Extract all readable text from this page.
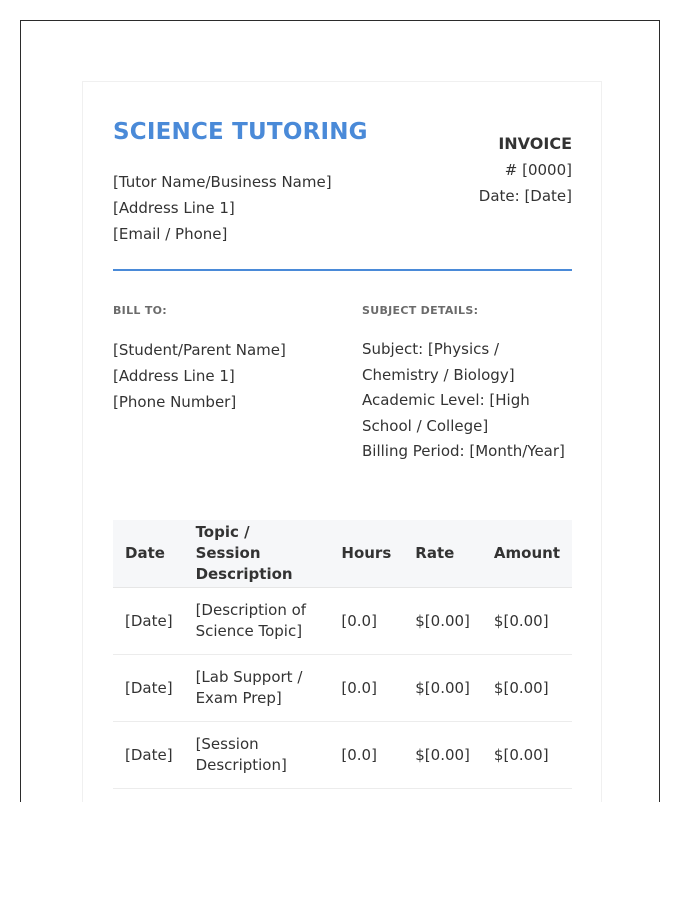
SCIENCE TUTORING
[Tutor Name/Business Name]
[Address Line 1]
[Email / Phone]
INVOICE
# [0000]
Date: [Date]
BILL TO:	SUBJECT DETAILS:
[Student/Parent Name]
[Address Line 1]
[Phone Number]
Subject: [Physics / Chemistry / Biology]
Academic Level: [High School / College]
Billing Period: [Month/Year]
Date	Topic / Session Description	Hours	Rate	Amount
[Date]	[Description of Science Topic]	[0.0]	$[0.00]	$[0.00]
[Date]	[Lab Support / Exam Prep]	[0.0]	$[0.00]	$[0.00]
[Date]	[Session Description]	[0.0]	$[0.00]	$[0.00]
